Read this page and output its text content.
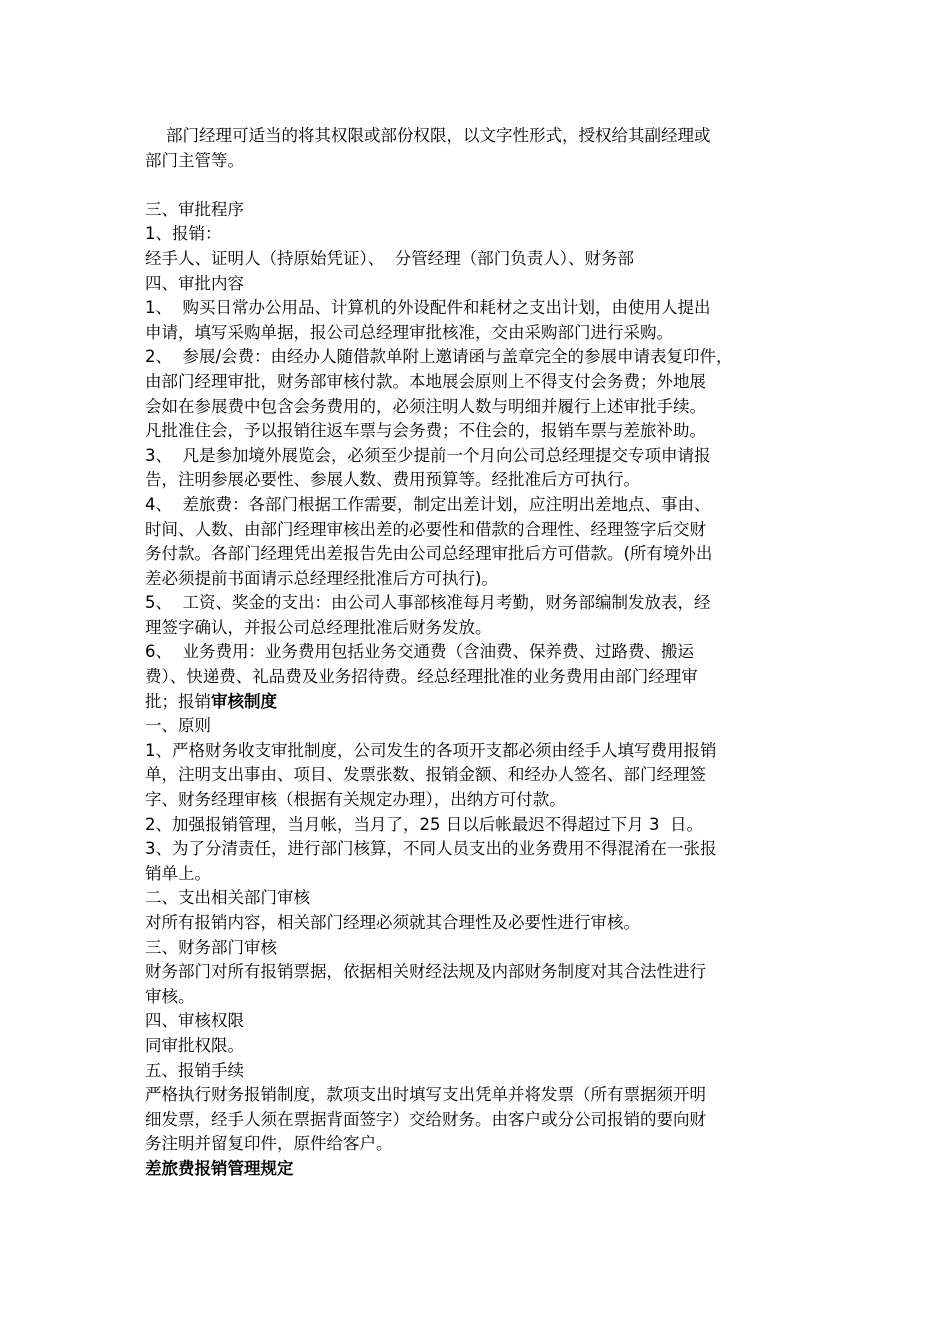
部门经理可适当的将其权限或部份权限，以文字性形式，授权给其副经理或
部门主管等。
三、审批程序
1、报销：
经手人、证明人（持原始凭证）、  分管经理（部门负责人）、财务部
四、审批内容
1、  购买日常办公用品、计算机的外设配件和耗材之支出计划，由使用人提出
申请，填写采购单据，报公司总经理审批核准，交由采购部门进行采购。
2、  参展/会费：由经办人随借款单附上邀请函与盖章完全的参展申请表复印件，
由部门经理审批，财务部审核付款。本地展会原则上不得支付会务费；外地展
会如在参展费中包含会务费用的，必须注明人数与明细并履行上述审批手续。
凡批准住会，予以报销往返车票与会务费；不住会的，报销车票与差旅补助。
3、  凡是参加境外展览会，必须至少提前一个月向公司总经理提交专项申请报
告，注明参展必要性、参展人数、费用预算等。经批准后方可执行。
4、  差旅费：各部门根据工作需要，制定出差计划，应注明出差地点、事由、
时间、人数、由部门经理审核出差的必要性和借款的合理性、经理签字后交财
务付款。各部门经理凭出差报告先由公司总经理审批后方可借款。(所有境外出
差必须提前书面请示总经理经批准后方可执行)。
5、  工资、奖金的支出：由公司人事部核准每月考勤，财务部编制发放表，经
理签字确认，并报公司总经理批准后财务发放。
6、  业务费用：业务费用包括业务交通费（含油费、保养费、过路费、搬运
费）、快递费、礼品费及业务招待费。经总经理批准的业务费用由部门经理审
批；报销审核制度
一、原则
1、严格财务收支审批制度，公司发生的各项开支都必须由经手人填写费用报销
单，注明支出事由、项目、发票张数、报销金额、和经办人签名、部门经理签
字、财务经理审核（根据有关规定办理），出纳方可付款。
2、加强报销管理，当月帐，当月了，25 日以后帐最迟不得超过下月 3  日。
3、为了分清责任，进行部门核算，不同人员支出的业务费用不得混淆在一张报
销单上。
二、支出相关部门审核
对所有报销内容，相关部门经理必须就其合理性及必要性进行审核。
三、财务部门审核
财务部门对所有报销票据，依据相关财经法规及内部财务制度对其合法性进行
审核。
四、审核权限
同审批权限。
五、报销手续
严格执行财务报销制度，款项支出时填写支出凭单并将发票（所有票据须开明
细发票，经手人须在票据背面签字）交给财务。由客户或分公司报销的要向财
务注明并留复印件，原件给客户。
差旅费报销管理规定
